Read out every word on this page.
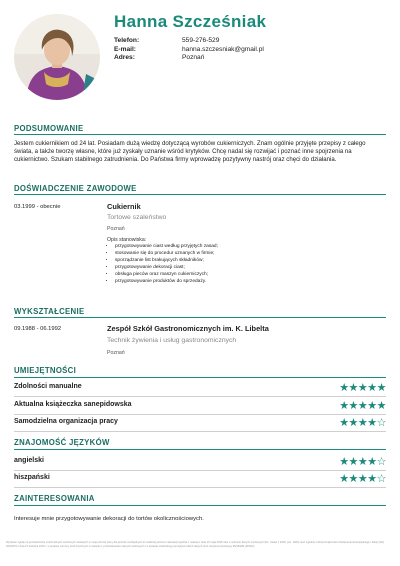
Hanna Szcześniak
Telefon:	559-276-529
E-mail:	hanna.szczesniak@gmail.pl
Adres:	Poznań
PODSUMOWANIE
Jestem cukiernikiem od 24 lat. Posiadam dużą wiedzę dotyczącą wyrobów cukierniczych. Znam ogólnie przyjęte przepisy z całego świata, a także tworzę własne, które już zyskały uznanie wśród krytyków. Chcę nadal się rozwijać i poznać inne spojrzenia na cukiernictwo. Szukam stabilnego zatrudnienia. Do Państwa firmy wprowadzę pozytywny nastrój oraz chęci do działania.
DOŚWIADCZENIE ZAWODOWE
03.1999 - obecnie	Cukiernik
Tortowe szaleństwo
Poznań
Opis stanowiska:
• przygotowywanie ciast według przyjętych zasad;
• stosowanie się do procedur uznanych w firmie;
• sporządzanie list brakujących składników;
• przygotowywanie dekoracji ciast;
• obsługa pieców oraz maszyn cukierniczych;
• przygotowywanie produktów do sprzedaży.
WYKSZTAŁCENIE
09.1988 - 06.1992	Zespół Szkół Gastronomicznych im. K. Libelta
Technik żywienia i usług gastronomicznych
Poznań
UMIEJĘTNOŚCI
Zdolności manualne	★★★★★
Aktualna książeczka sanepidowska	★★★★★
Samodzielna organizacja pracy	★★★★☆
ZNAJOMOŚĆ JĘZYKÓW
angielski	★★★★☆
hiszpański	★★★★☆
ZAINTERESOWANIA
Interesuje mnie przygotowywanie dekoracji do tortów okolicznościowych.
Wyrażam zgodę na przetwarzanie moich danych osobowych zawartych w mojej ofercie pracy dla potrzeb niezbędnych do realizacji procesu rekrutacji zgodnie z ustawą z dnia 10 maja 2018 roku o ochronie danych osobowych (Dz. Ustaw z 2018, poz. 1000) oraz zgodnie z Rozporządzeniem Parlamentu Europejskiego i Rady (UE) 2016/679 z dnia 27 kwietnia 2016 r. w sprawie ochrony osób fizycznych w związku z przetwarzaniem danych osobowych i w sprawie swobodnego przepływu takich danych oraz uchylenia dyrektywy 95/46/WE (RODO).
